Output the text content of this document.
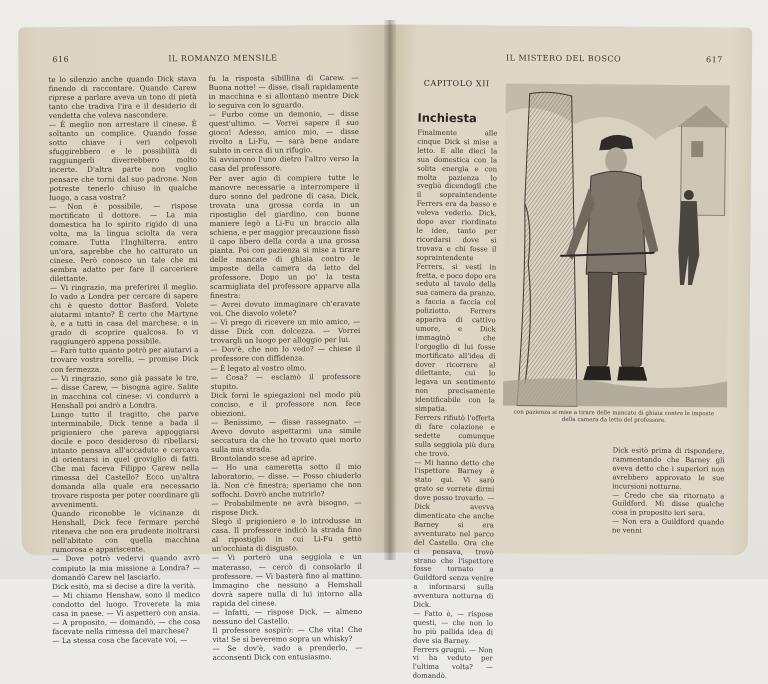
616	IL ROMANZO MENSILE

te lo silenzio anche quando Dick stava finendo di raccontare. Quando Carew riprese a parlare aveva un tono di pietà tanto che tradiva l'ira e il desiderio di vendetta che voleva nascondere.

— È meglio non arrestare il cinese. È soltanto un complice. Quando fosse sotto chiave i veri colpevoli sfuggirebbero e le possibilità di raggiungerli diverrebbero molto incerte. D'altra parte non voglio pensare che torni dal suo padrone. Non potreste tenerlo chiuso in qualche luogo, a casa vostra?

— Non è possibile, — rispose mortificato il dottore. — La mia domestica ha lo spirito rigido di una volta, ma la lingua sciolta da vera comare. Tutta l'Inghilterra, entro un'ora, saprebbe che ho catturato un cinese. Però conosco un tale che mi sembra adatto per fare il carceriere dilettante.

— Vi ringrazio, ma preferirei il meglio. Io vado a Londra per cercare di sapere chi è questo dottor Basford. Volete aiutarmi intanto? È certo che Martyne è, e a tutti in casa del marchese, e in grado di scoprire qualcosa. Io vi raggiungerò appena possibile.

— Farò tutto quanto potrò per aiutarvi a trovare vostra sorella, — promise Dick con fermezza.

— Vi ringrazio, sono già passate le tre, — disse Carew, — bisogna agire. Salite in macchina col cinese: vi condurrò a Henshall poi andrò a Londra.

Lungo tutto il tragitto, che parve interminabile, Dick tenne a bada il prigioniero che pareva appoggiarsi docile e poco desideroso di ribellarsi; intanto pensava all'accaduto e cercava di orientarsi in quel groviglio di fatti. Che mai faceva Filippo Carew nella rimessa del Castello? Ecco un'altra domanda alla quale era necessario trovare risposta per poter coordinare gli avvenimenti.

Quando riconobbe le vicinanze di Henshall, Dick fece fermare perché riteneva che non era prudente inoltrarsi nell'abitato con quella macchina rumorosa e appariscente.

— Dove potrò vedervi quando avrò compiuto la mia missione a Londra? — domandò Carew nel lasciarlo.

Dick esitò, ma si decise a dire la verità.

— Mi chiamo Henshaw, sono il medico condotto del luogo. Troverete la mia casa in paese. — Vi aspetterò con ansia. — A proposito, — domandò, — che cosa facevate nella rimessa del marchese?

— La stessa cosa che facevate voi, —

fu la risposta sibillina di Carew. — Buona notte! — disse, risalì rapidamente in macchina e si allontanò mentre Dick lo seguiva con lo sguardo.

— Furbo come un demonio, — disse quest'ultimo. — Vorrei sapere il suo gioco! Adesso, amico mio, — disse rivolto a Li-Fu, — sarà bene andare subito in cerca di un rifugio.

Si avviarono l'uno dietro l'altro verso la casa del professore.

Per aver agio di compiere tutte le manovre necessarie a interrompere il duro sonno del padrone di casa, Dick, trovata una grossa corda in un ripostiglio del giardino, con buone maniere legò a Li-Fu un braccio alla schiena, e per maggior precauzione fissò il capo libero della corda a una grossa pianta. Poi con pazienza si mise a tirare delle mancate di ghiaia contro le imposte della camera da letto del professore. Dopo un po' la testa scarmigliata del professore apparve alla finestra:

— Avrei dovuto immaginare ch'eravate voi. Che diavolo volete?

— Vi prego di ricevere un mio amico, — disse Dick con dolcezza. — Vorrei trovargli un luogo per alloggio per lui.

— Dov'è, che non lo vedo? — chiese il professore con diffidenza.

— È legato al vostro olmo.

— Cosa? — esclamò il professore stupito.

Dick fornì le spiegazioni nel modo più conciso, e il professore non fece obiezioni.

— Benissimo, — disse rassegnato. — Avevo dovuto aspettarmi una simile seccatura da che ho trovato quei morto sulla mia strada.

Brontolando scese ad aprire.

— Ho una cameretta sotto il mio laboratorio, — disse. — Posso chiuderlo là. Non c'è finestra; speriamo che non soffochi. Dovrò anche nutrirlo?

— Probabilmente ne avrà bisogno, — rispose Dick.

Slegò il prigioniero e lo introdusse in casa. Il professore indicò la strada fino al ripostiglio in cui Li-Fu gettò un'occhiata di disgusto.

— Vi porterò una seggiola e un materasso, — cercò di consolarlo il professore. — Vi basterà fino al mattino. Immagino che nessuno a Hemshall dovrà sapere nulla di lui intorno alla rapida del cinese.

— Infatti, — rispose Dick, — almeno nessuno del Castello.

Il professore sospirò: — Che vita! Che vita! Se sì beveremo sopra un whisky?

— Se dov'è, vado a prenderlo, — acconsentì Dick con entusiasmo.

IL MISTERO DEL BOSCO	617
CAPITOLO XII
Inchiesta

Finalmente alle cinque Dick si mise a letto. E alle dieci la sua domestica con la solita energia e con molta pazienza lo svegliò dicendogli che il sopraintendente Ferrers era da basso e voleva vederlo. Dick, dopo aver riordinato le idee, tanto per ricordarsi dove si trovava e chi fosse il sopraintendente Ferrers, si vestì in fretta, e poco dopo era seduto al tavolo della sua camera da pranzo, a faccia a faccia col poliziotto. Ferrers appariva di cattivo umore, e Dick immaginò che l'orgoglio di lui fosse mortificato all'idea di dover ricorrere al dilettante, cui lo legava un sentimento non precisamente identificabile con la simpatia.

Ferrers rifiutò l'offerta di fare colazione e sedette comunque sulla seggiola più dura che trovò.

— Mi hanno detto che l'ispettore Barney è stato qui. Vi sarò grato se vorrete dirmi dove posso trovarlo. — Dick avevva dimenticato che anche Barney si era avventurato nel parco del Castello. Ora che ci pensava, trovò strano che l'ispettore fosse tornato a Guildford senza venire a informarsi sulla avventura notturna di Dick.

— Fatto è, — rispose questi, — che non lo ho più pallida idea di dove sia Barney.

Ferrers grugnì. — Non vi ha veduto per l'ultima volta? — domandò.

con pazienza si mise a tirare delle mancate di ghiaia contro le imposte della camera da letto del professore.

Dick esitò prima di rispondere, rammentando che Barney gli aveva detto che i superiori non avrebbero approvato le sue incursioni notturne.

— Credo che sia ritornato a Guildford. Mi disse qualche cosa in proposito ieri sera.

— Non era a Guildford quando ne venni
